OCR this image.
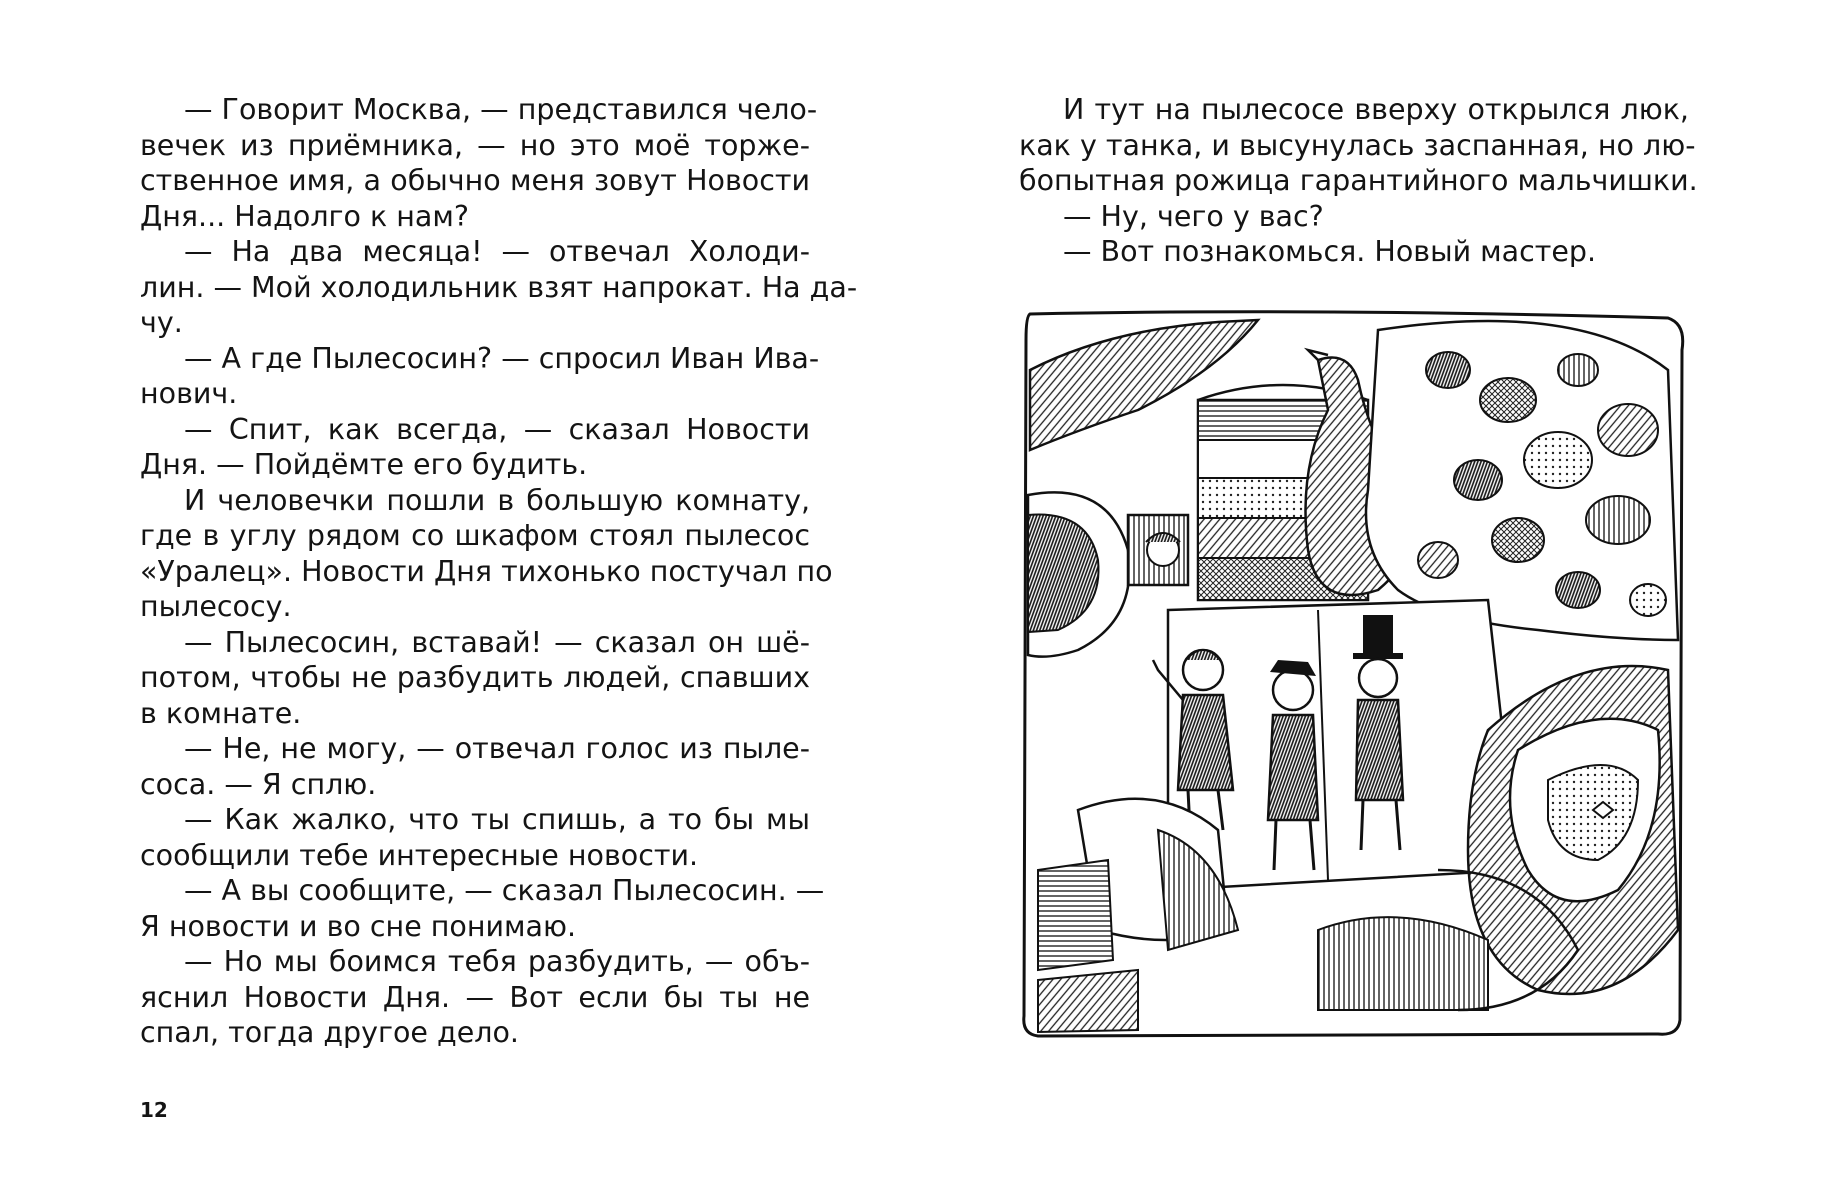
— Говорит Москва, — представился чело-
вечек из приёмника, — но это моё торже-
ственное имя, а обычно меня зовут Новости
Дня... Надолго к нам?
— На два месяца! — отвечал Холоди-
лин. — Мой холодильник взят напрокат. На да-
чу.
— А где Пылесосин? — спросил Иван Ива-
нович.
— Спит, как всегда, — сказал Новости
Дня. — Пойдёмте его будить.
И человечки пошли в большую комнату,
где в углу рядом со шкафом стоял пылесос
«Уралец». Новости Дня тихонько постучал по
пылесосу.
— Пылесосин, вставай! — сказал он шё-
потом, чтобы не разбудить людей, спавших
в комнате.
— Не, не могу, — отвечал голос из пыле-
соса. — Я сплю.
— Как жалко, что ты спишь, а то бы мы
сообщили тебе интересные новости.
— А вы сообщите, — сказал Пылесосин. —
Я новости и во сне понимаю.
— Но мы боимся тебя разбудить, — объ-
яснил Новости Дня. — Вот если бы ты не
спал, тогда другое дело.
12
И тут на пылесосе вверху открылся люк,
как у танка, и высунулась заспанная, но лю-
бопытная рожица гарантийного мальчишки.
— Ну, чего у вас?
— Вот познакомься. Новый мастер.
